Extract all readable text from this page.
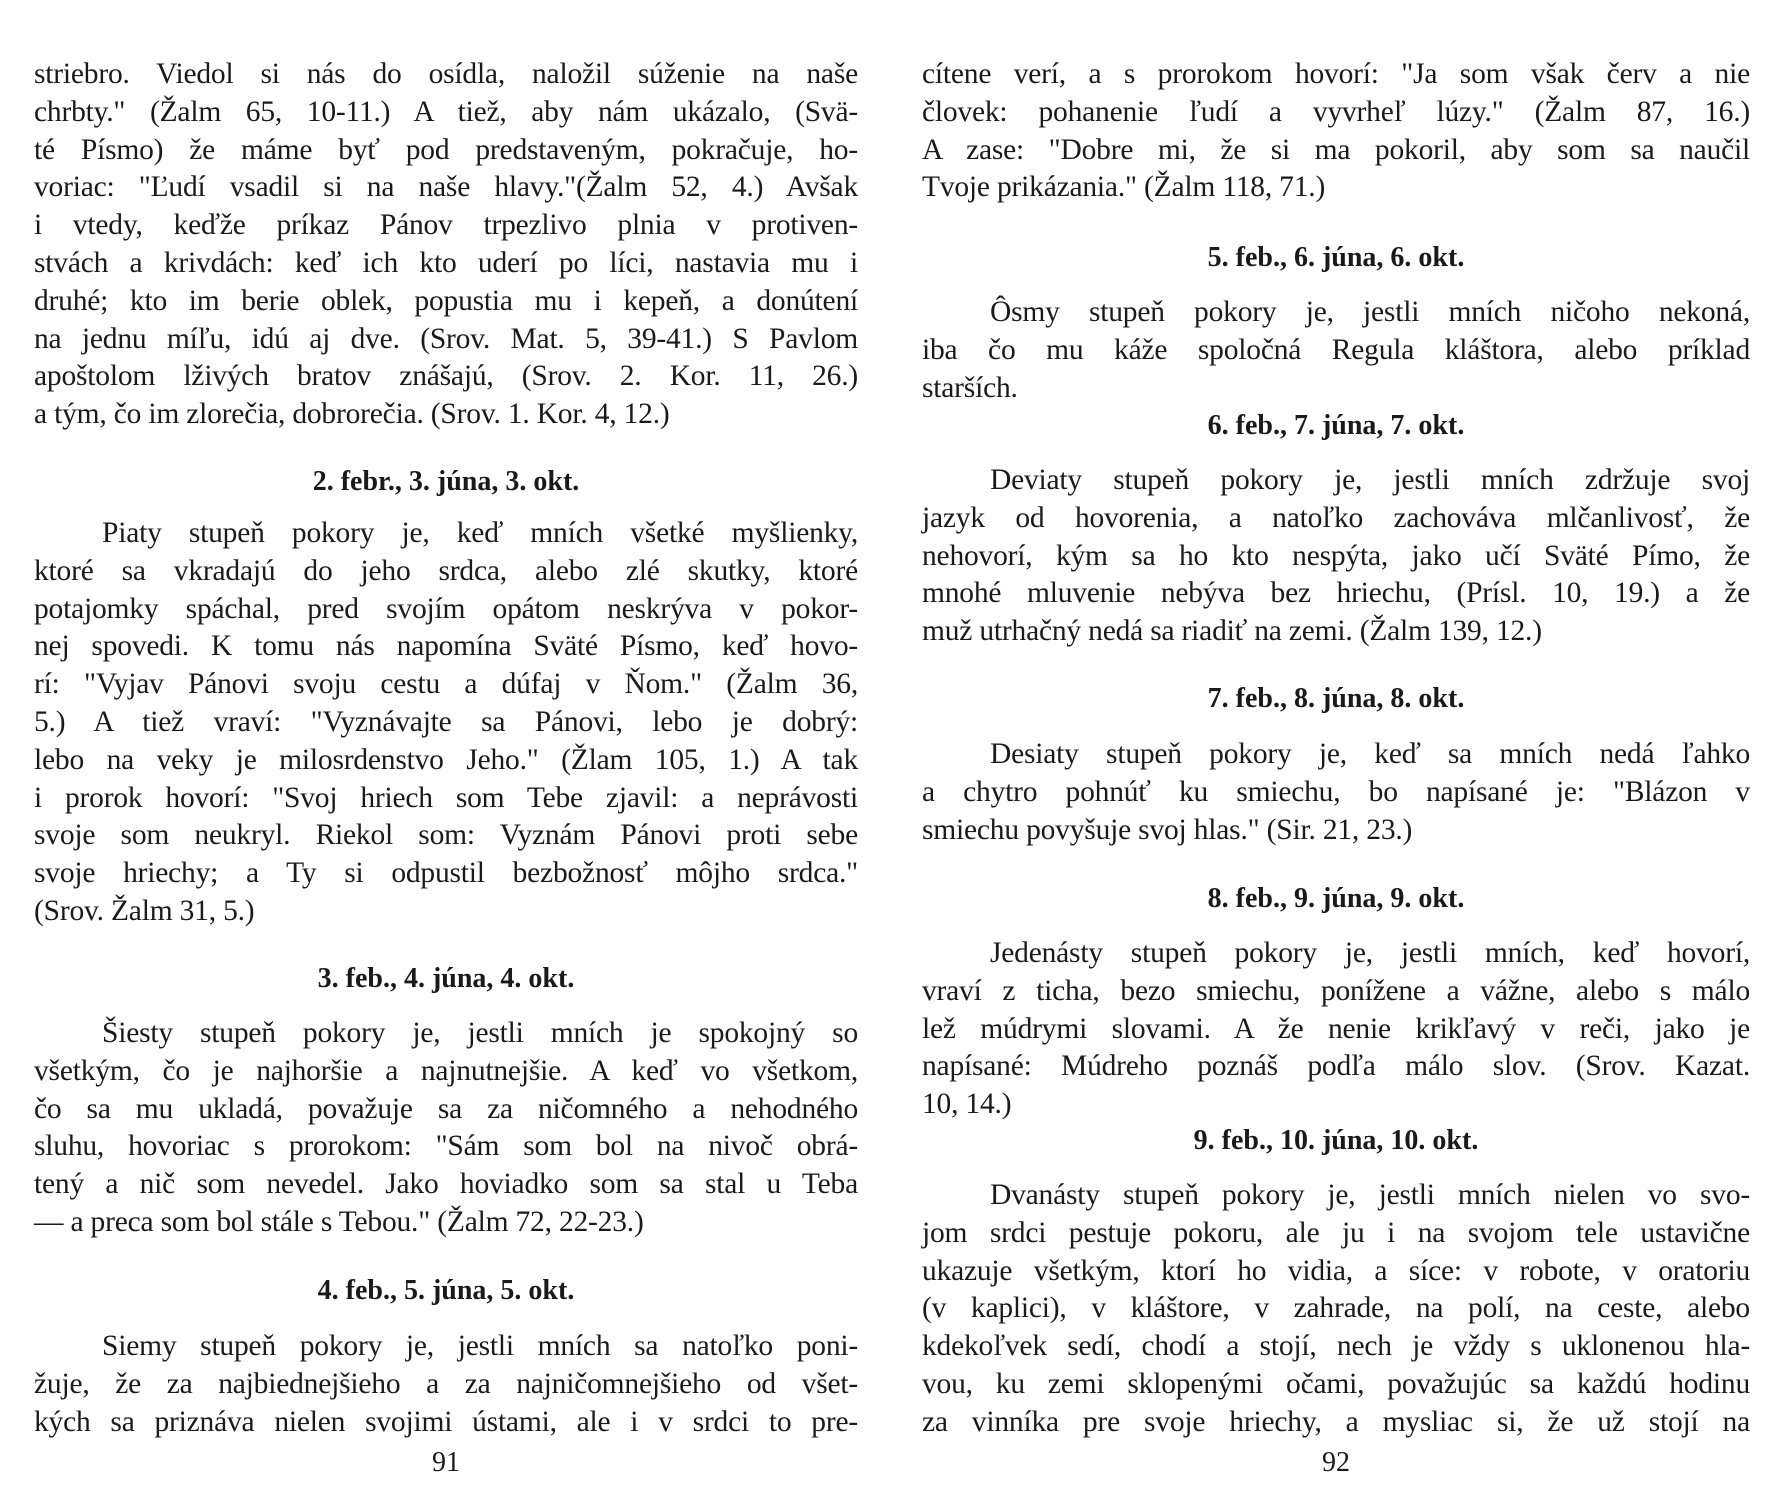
striebro. Viedol si nás do osídla, naložil súženie na naše
chrbty." (Žalm 65, 10-11.) A tiež, aby nám ukázalo, (Svä-
té Písmo) že máme byť pod predstaveným, pokračuje, ho-
voriac: "Ľudí vsadil si na naše hlavy."(Žalm 52, 4.) Avšak
i vtedy, keďže príkaz Pánov trpezlivo plnia v protiven-
stvách a krivdách: keď ich kto uderí po líci, nastavia mu i
druhé; kto im berie oblek, popustia mu i kepeň, a donútení
na jednu míľu, idú aj dve. (Srov. Mat. 5, 39-41.) S Pavlom
apoštolom lživých bratov znášajú, (Srov. 2. Kor. 11, 26.)
a tým, čo im zlorečia, dobrorečia. (Srov. 1. Kor. 4, 12.)
2. febr., 3. júna, 3. okt.
Piaty stupeň pokory je, keď mních všetké myšlienky,
ktoré sa vkradajú do jeho srdca, alebo zlé skutky, ktoré
potajomky spáchal, pred svojím opátom neskrýva v pokor-
nej spovedi. K tomu nás napomína Sväté Písmo, keď hovo-
rí: "Vyjav Pánovi svoju cestu a dúfaj v Ňom." (Žalm 36,
5.) A tiež vraví: "Vyznávajte sa Pánovi, lebo je dobrý:
lebo na veky je milosrdenstvo Jeho." (Žlam 105, 1.) A tak
i prorok hovorí: "Svoj hriech som Tebe zjavil: a neprávosti
svoje som neukryl. Riekol som: Vyznám Pánovi proti sebe
svoje hriechy; a Ty si odpustil bezbožnosť môjho srdca."
(Srov. Žalm 31, 5.)
3. feb., 4. júna, 4. okt.
Šiesty stupeň pokory je, jestli mních je spokojný so
všetkým, čo je najhoršie a najnutnejšie. A keď vo všetkom,
čo sa mu ukladá, považuje sa za ničomného a nehodného
sluhu, hovoriac s prorokom: "Sám som bol na nivoč obrá-
tený a nič som nevedel. Jako hoviadko som sa stal u Teba
— a preca som bol stále s Tebou." (Žalm 72, 22-23.)
4. feb., 5. júna, 5. okt.
Siemy stupeň pokory je, jestli mních sa natoľko poni-
žuje, že za najbiednejšieho a za najničomnejšieho od všet-
kých sa priznáva nielen svojimi ústami, ale i v srdci to pre-
91
cítene verí, a s prorokom hovorí: "Ja som však červ a nie
človek: pohanenie ľudí a vyvrheľ lúzy." (Žalm 87, 16.)
A zase: "Dobre mi, že si ma pokoril, aby som sa naučil
Tvoje prikázania." (Žalm 118, 71.)
5. feb., 6. júna, 6. okt.
Ôsmy stupeň pokory je, jestli mních ničoho nekoná,
iba čo mu káže spoločná Regula kláštora, alebo príklad
starších.
6. feb., 7. júna, 7. okt.
Deviaty stupeň pokory je, jestli mních zdržuje svoj
jazyk od hovorenia, a natoľko zachováva mlčanlivosť, že
nehovorí, kým sa ho kto nespýta, jako učí Sväté Pímo, že
mnohé mluvenie nebýva bez hriechu, (Prísl. 10, 19.) a že
muž utrhačný nedá sa riadiť na zemi. (Žalm 139, 12.)
7. feb., 8. júna, 8. okt.
Desiaty stupeň pokory je, keď sa mních nedá ľahko
a chytro pohnúť ku smiechu, bo napísané je: "Blázon v
smiechu povyšuje svoj hlas." (Sir. 21, 23.)
8. feb., 9. júna, 9. okt.
Jedenásty stupeň pokory je, jestli mních, keď hovorí,
vraví z ticha, bezo smiechu, ponížene a vážne, alebo s málo
lež múdrymi slovami. A že nenie krikľavý v reči, jako je
napísané: Múdreho poznáš podľa málo slov. (Srov. Kazat.
10, 14.)
9. feb., 10. júna, 10. okt.
Dvanásty stupeň pokory je, jestli mních nielen vo svo-
jom srdci pestuje pokoru, ale ju i na svojom tele ustavične
ukazuje všetkým, ktorí ho vidia, a síce: v robote, v oratoriu
(v kaplici), v kláštore, v zahrade, na polí, na ceste, alebo
kdekoľvek sedí, chodí a stojí, nech je vždy s uklonenou hla-
vou, ku zemi sklopenými očami, považujúc sa každú hodinu
za vinníka pre svoje hriechy, a mysliac si, že už stojí na
92
